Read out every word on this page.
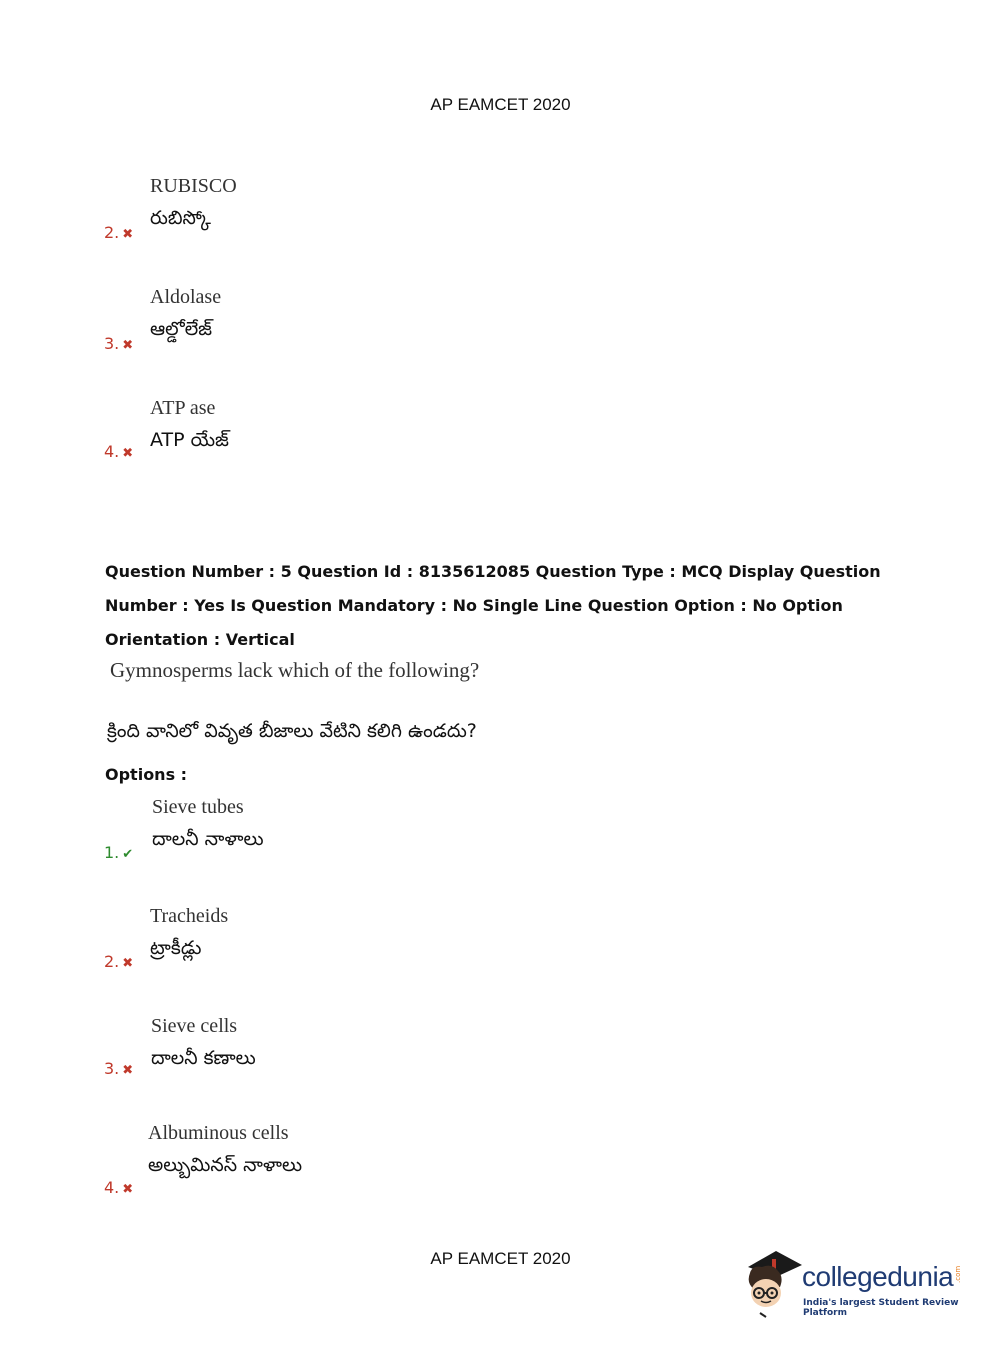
AP EAMCET 2020
RUBISCO
రుబిస్కో
2. ✖
Aldolase
ఆల్డోలేజ్
3. ✖
ATP ase
ATP యేజ్
4. ✖
Question Number : 5 Question Id : 8135612085 Question Type : MCQ Display Question Number : Yes Is Question Mandatory : No Single Line Question Option : No Option Orientation : Vertical
Gymnosperms lack which of the following?
క్రింది వానిలో వివృత బీజాలు వేటిని కలిగి ఉండదు?
Options :
Sieve tubes
దాలనీ నాళాలు
1. ✔
Tracheids
ట్రాకీడ్లు
2. ✖
Sieve cells
దాలనీ కణాలు
3. ✖
Albuminous cells
అల్బుమినస్ నాళాలు
4. ✖
AP EAMCET 2020
collegedunia .com
India's largest Student Review Platform
